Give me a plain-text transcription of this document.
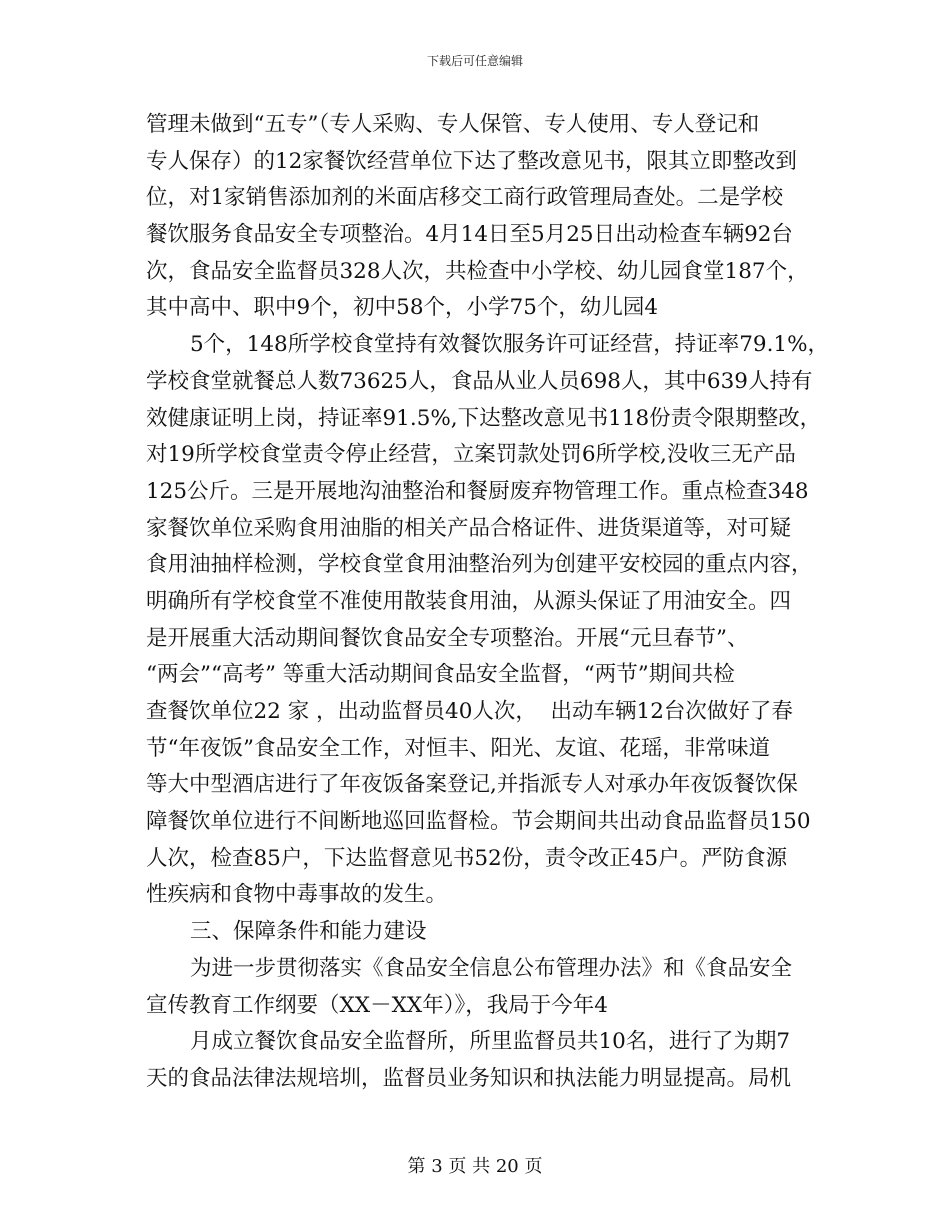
下载后可任意编辑
管理未做到“五专”（专人采购、专人保管、专人使用、专人登记和
专人保存）的12家餐饮经营单位下达了整改意见书，限其立即整改到
位，对1家销售添加剂的米面店移交工商行政管理局查处。二是学校
餐饮服务食品安全专项整治。4月14日至5月25日出动检查车辆92台
次，食品安全监督员328人次，共检查中小学校、幼儿园食堂187个，
其中高中、职中9个，初中58个，小学75个，幼儿园4
5个，148所学校食堂持有效餐饮服务许可证经营，持证率79.1%，
学校食堂就餐总人数73625人，食品从业人员698人，其中639人持有
效健康证明上岗，持证率91.5%,下达整改意见书118份责令限期整改，
对19所学校食堂责令停止经营，立案罚款处罚6所学校,没收三无产品
125公斤。三是开展地沟油整治和餐厨废弃物管理工作。重点检查348
家餐饮单位采购食用油脂的相关产品合格证件、进货渠道等，对可疑
食用油抽样检测，学校食堂食用油整治列为创建平安校园的重点内容，
明确所有学校食堂不准使用散装食用油，从源头保证了用油安全。四
是开展重大活动期间餐饮食品安全专项整治。开展“元旦春节”、
“两会”“高考” 等重大活动期间食品安全监督，“两节”期间共检
查餐饮单位22 家 ，出动监督员40人次，  出动车辆12台次做好了春
节“年夜饭”食品安全工作，对恒丰、阳光、友谊、花瑶，非常味道
等大中型酒店进行了年夜饭备案登记,并指派专人对承办年夜饭餐饮保
障餐饮单位进行不间断地巡回监督检。节会期间共出动食品监督员150
人次，检查85户，下达监督意见书52份，责令改正45户。严防食源
性疾病和食物中毒事故的发生。
三、保障条件和能力建设
为进一步贯彻落实《食品安全信息公布管理办法》和《食品安全
宣传教育工作纲要（XX－XX年）》，我局于今年4
月成立餐饮食品安全监督所，所里监督员共10名，进行了为期7
天的食品法律法规培圳，监督员业务知识和执法能力明显提高。局机
第 3 页 共 20 页
